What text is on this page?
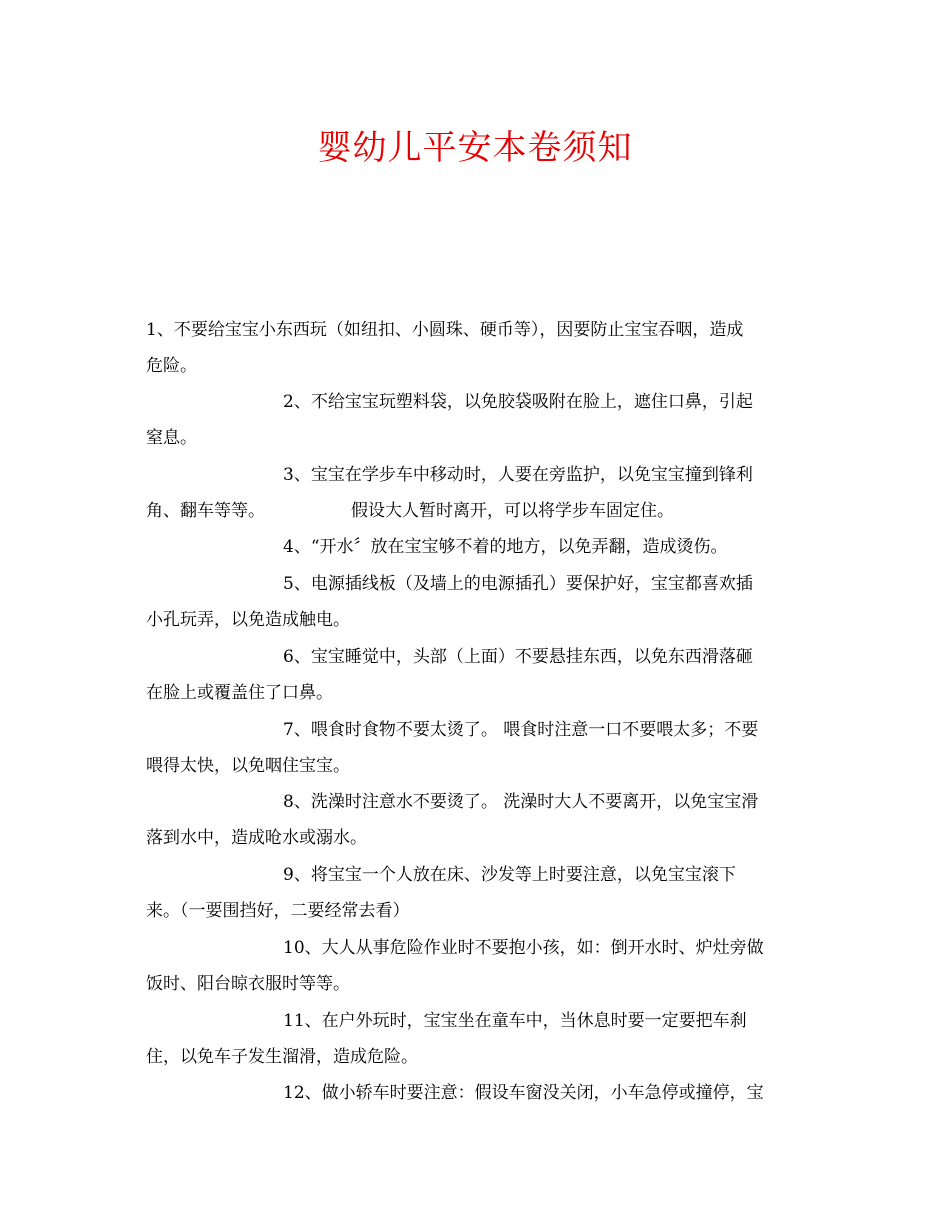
婴幼儿平安本卷须知
1、不要给宝宝小东西玩（如纽扣、小圆珠、硬币等），因要防止宝宝吞咽，造成
危险。
2、不给宝宝玩塑料袋，以免胶袋吸附在脸上，遮住口鼻，引起
窒息。
3、宝宝在学步车中移动时，人要在旁监护，以免宝宝撞到锋利
角、翻车等等。	假设大人暂时离开，可以将学步车固定住。
4、“开水〞放在宝宝够不着的地方，以免弄翻，造成烫伤。
5、电源插线板（及墙上的电源插孔）要保护好，宝宝都喜欢插
小孔玩弄，以免造成触电。
6、宝宝睡觉中，头部（上面）不要悬挂东西，以免东西滑落砸
在脸上或覆盖住了口鼻。
7、喂食时食物不要太烫了。 喂食时注意一口不要喂太多；不要
喂得太快，以免咽住宝宝。
8、洗澡时注意水不要烫了。 洗澡时大人不要离开，以免宝宝滑
落到水中，造成呛水或溺水。
9、将宝宝一个人放在床、沙发等上时要注意，以免宝宝滚下
来。（一要围挡好，二要经常去看）
10、大人从事危险作业时不要抱小孩，如：倒开水时、炉灶旁做
饭时、阳台晾衣服时等等。
11、在户外玩时，宝宝坐在童车中，当休息时要一定要把车刹
住，以免车子发生溜滑，造成危险。
12、做小轿车时要注意：假设车窗没关闭，小车急停或撞停，宝
